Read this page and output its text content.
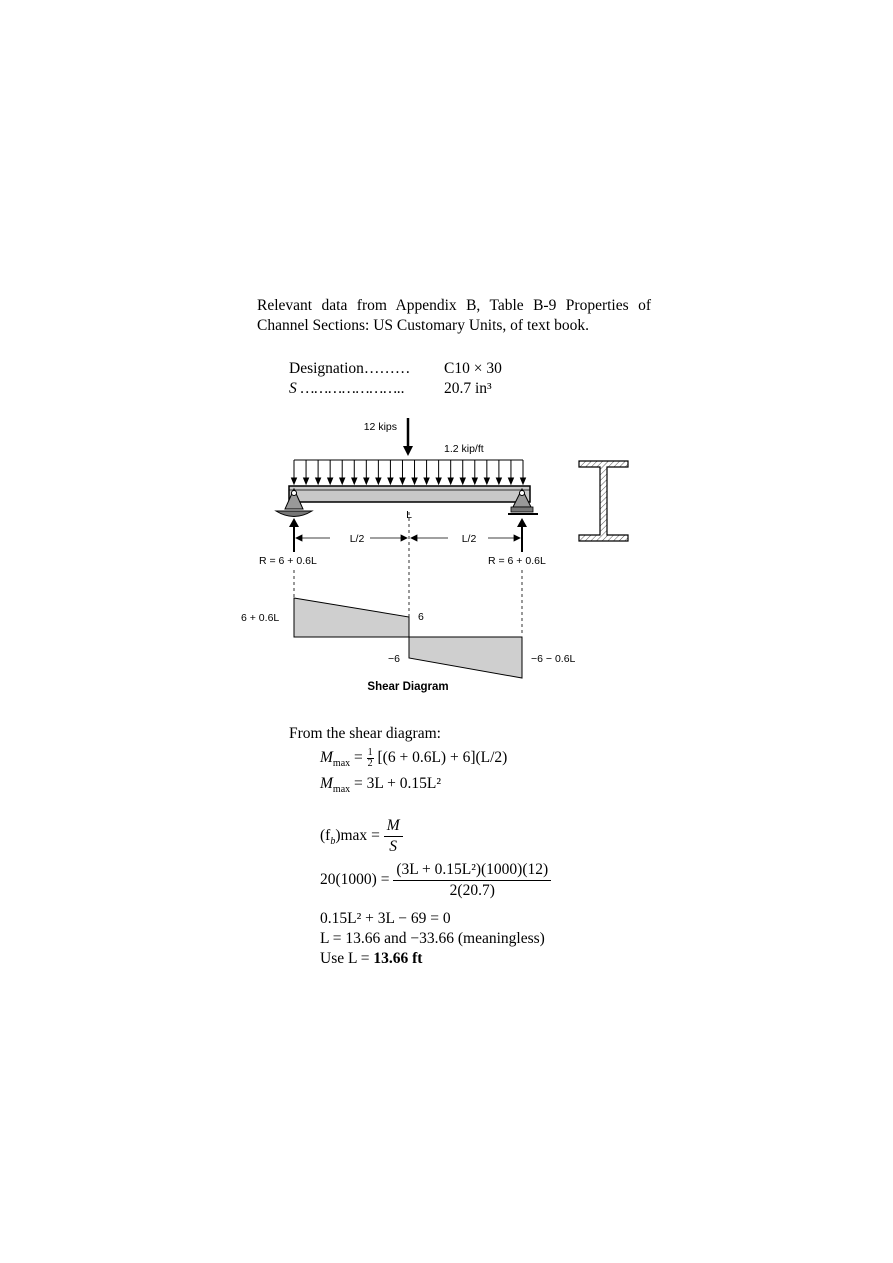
Relevant data from Appendix B, Table B-9 Properties of Channel Sections: US Customary Units, of text book.
Designation……… C10 × 30
S …………………..	20.7 in³
12 kips
1.2 kip/ft
L
L/2	L/2
R = 6 + 0.6L	R = 6 + 0.6L
6 + 0.6L	6
−6	−6 − 0.6L
Shear Diagram
From the shear diagram:
$M_{max} = \frac{1}{2} [(6 + 0.6L) + 6](L/2)$
$M_{max} = 3L + 0.15L^2$
$(f_b)\max = \frac{M}{S}$
$20(1000) = \frac{\text{(3L + 0.15L²)(1000)(12)}}{2(20.7)}$
0.15L² + 3L − 69 = 0
L = 13.66 and −33.66 (meaningless)
Use L = 13.66 ft
